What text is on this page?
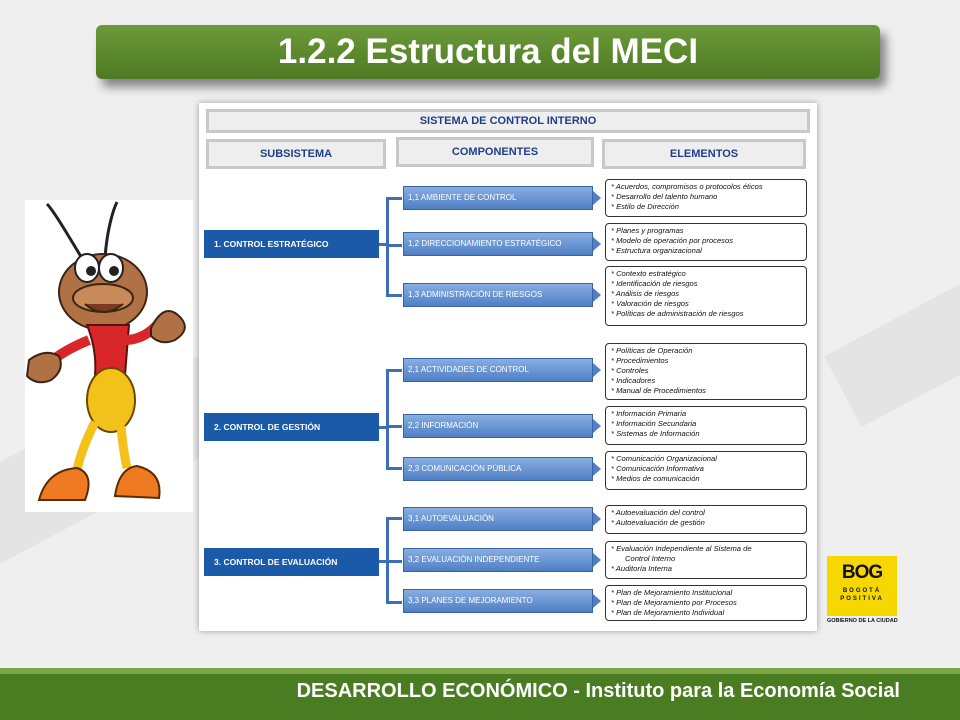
1.2.2 Estructura del MECI
SISTEMA DE CONTROL INTERNO
SUBSISTEMA	COMPONENTES	ELEMENTOS
1. CONTROL ESTRATÉGICO
2. CONTROL DE GESTIÓN
3. CONTROL DE EVALUACIÓN
1,1 AMBIENTE DE CONTROL
1,2 DIRECCIONAMIENTO ESTRATÉGICO
1,3 ADMINISTRACIÓN DE RIESGOS
2,1 ACTIVIDADES DE CONTROL
2,2 INFORMACIÓN
2,3 COMUNICACIÓN PÚBLICA
3,1 AUTOEVALUACIÓN
3,2 EVALUACIÓN INDEPENDIENTE
3,3 PLANES DE MEJORAMIENTO
* Acuerdos, compromisos o protocolos éticos
* Desarrollo del talento humano
* Estilo de Dirección
* Planes y programas
* Modelo de operación por procesos
* Estructura organizacional
* Contexto estratégico
* Identificación de riesgos
* Análisis de riesgos
* Valoración de riesgos
* Políticas de administración de riesgos
* Políticas de Operación
* Procedimientos
* Controles
* Indicadores
* Manual de Procedimientos
* Información Primaria
* Información Secundaria
* Sistemas de Información
* Comunicación Organizacional
* Comunicación Informativa
* Medios de comunicación
* Autoevaluación del control
* Autoevaluación de gestión
* Evaluación Independiente al Sistema de
Control Interno
* Auditoría Interna
* Plan de Mejoramiento Institucional
* Plan de Mejoramiento por Procesos
* Plan de Mejoramiento Individual
BOG
BOGOTÁ
POSITIVA
GOBIERNO DE LA CIUDAD
DESARROLLO ECONÓMICO - Instituto para la Economía Social
